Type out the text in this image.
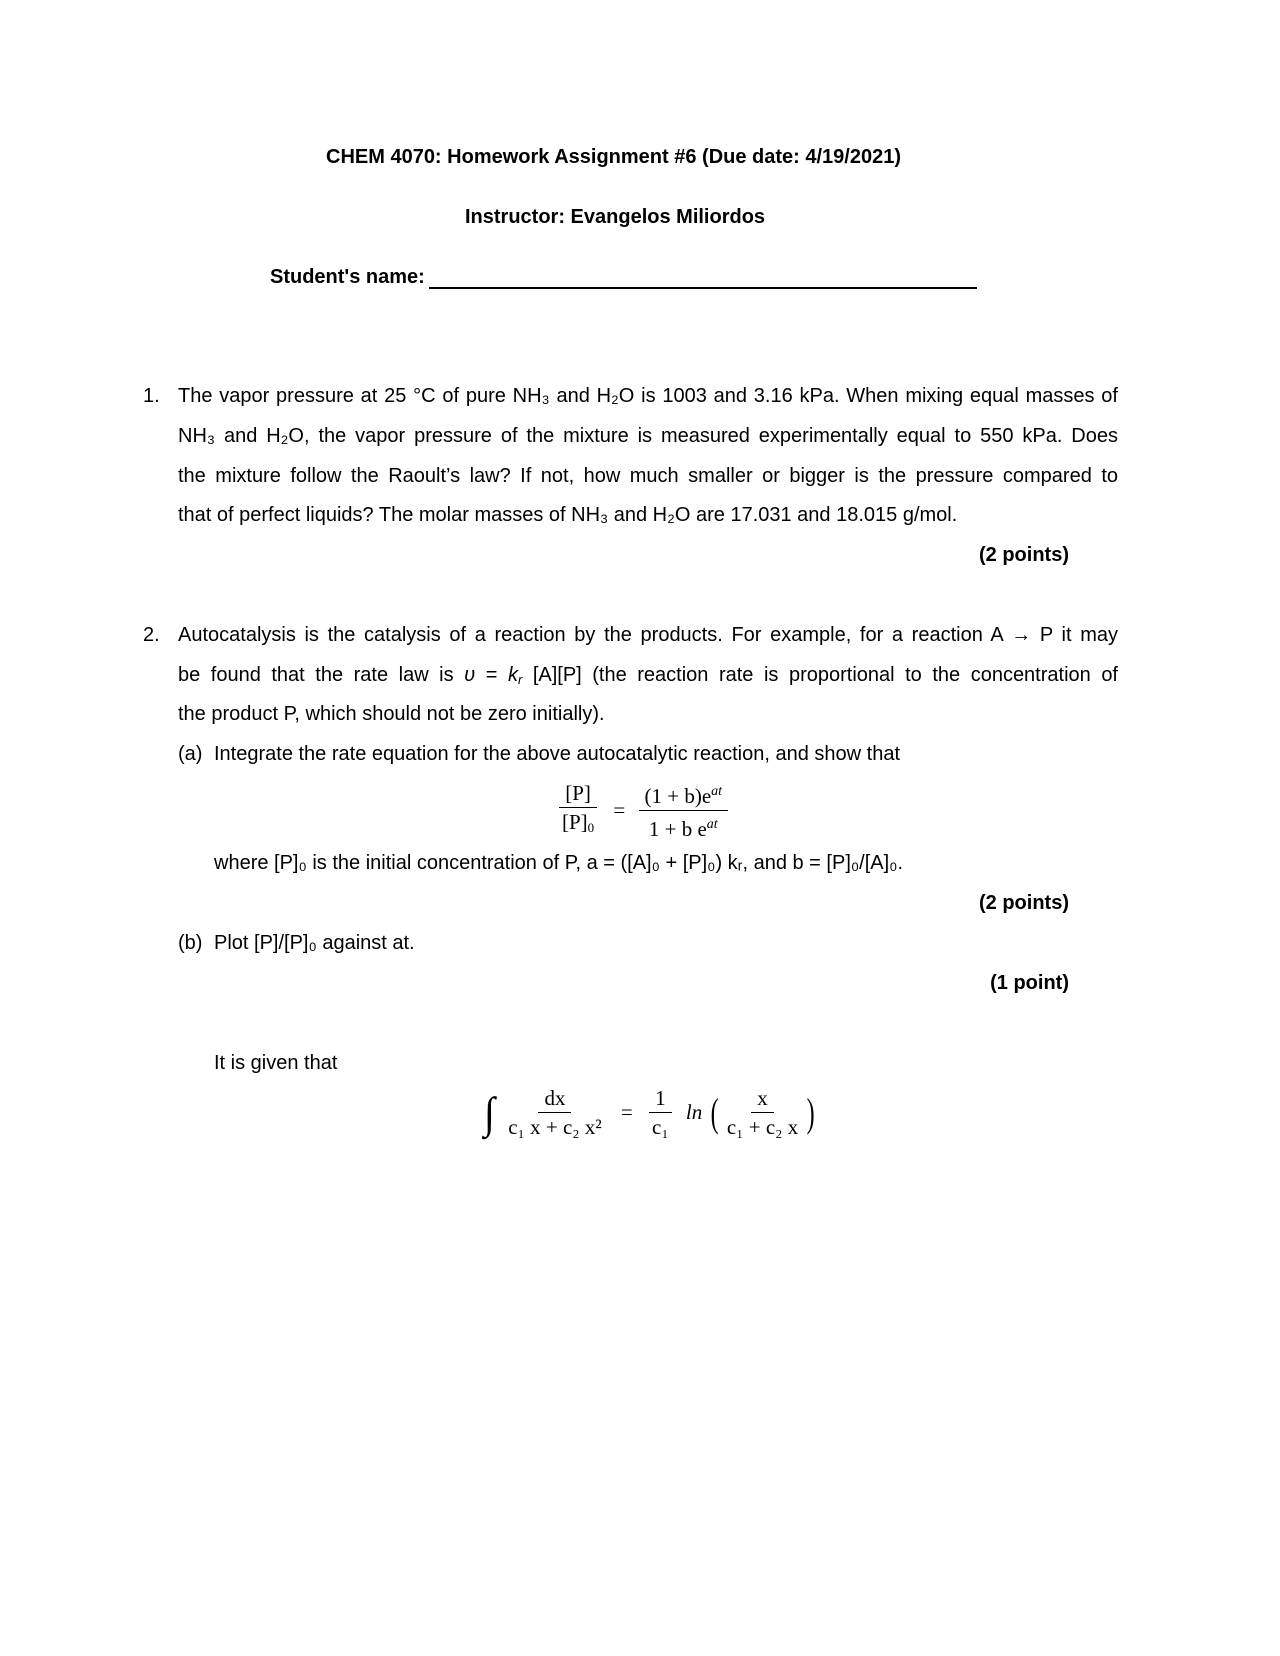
CHEM 4070: Homework Assignment #6 (Due date: 4/19/2021)
Instructor: Evangelos Miliordos
Student's name:
1. The vapor pressure at 25 °C of pure NH₃ and H₂O is 1003 and 3.16 kPa. When mixing equal masses of
NH₃ and H₂O, the vapor pressure of the mixture is measured experimentally equal to 550 kPa. Does
the mixture follow the Raoult’s law? If not, how much smaller or bigger is the pressure compared to
that of perfect liquids? The molar masses of NH₃ and H₂O are 17.031 and 18.015 g/mol.
(2 points)
2. Autocatalysis is the catalysis of a reaction by the products. For example, for a reaction A → P it may
be found that the rate law is $\upsilon = k_r$ [A][P] (the reaction rate is proportional to the concentration of
the product P, which should not be zero initially).
(a) Integrate the rate equation for the above autocatalytic reaction, and show that
$\frac{[P]}{[P]_0} = \frac{(1 + b)e^{at}}{1 + b e^{at}}$
where [P]₀ is the initial concentration of P, a = ([A]₀ + [P]₀) kᵣ, and b = [P]₀/[A]₀.
(2 points)
(b) Plot [P]/[P]₀ against at.
(1 point)
It is given that
∫ $\frac{dx}{\text{c₁ x + c₂ x²}} = \frac{1}{\text{c₁}}$ ln ( $\frac{x}{\text{c₁ + c₂ x}}$ )
